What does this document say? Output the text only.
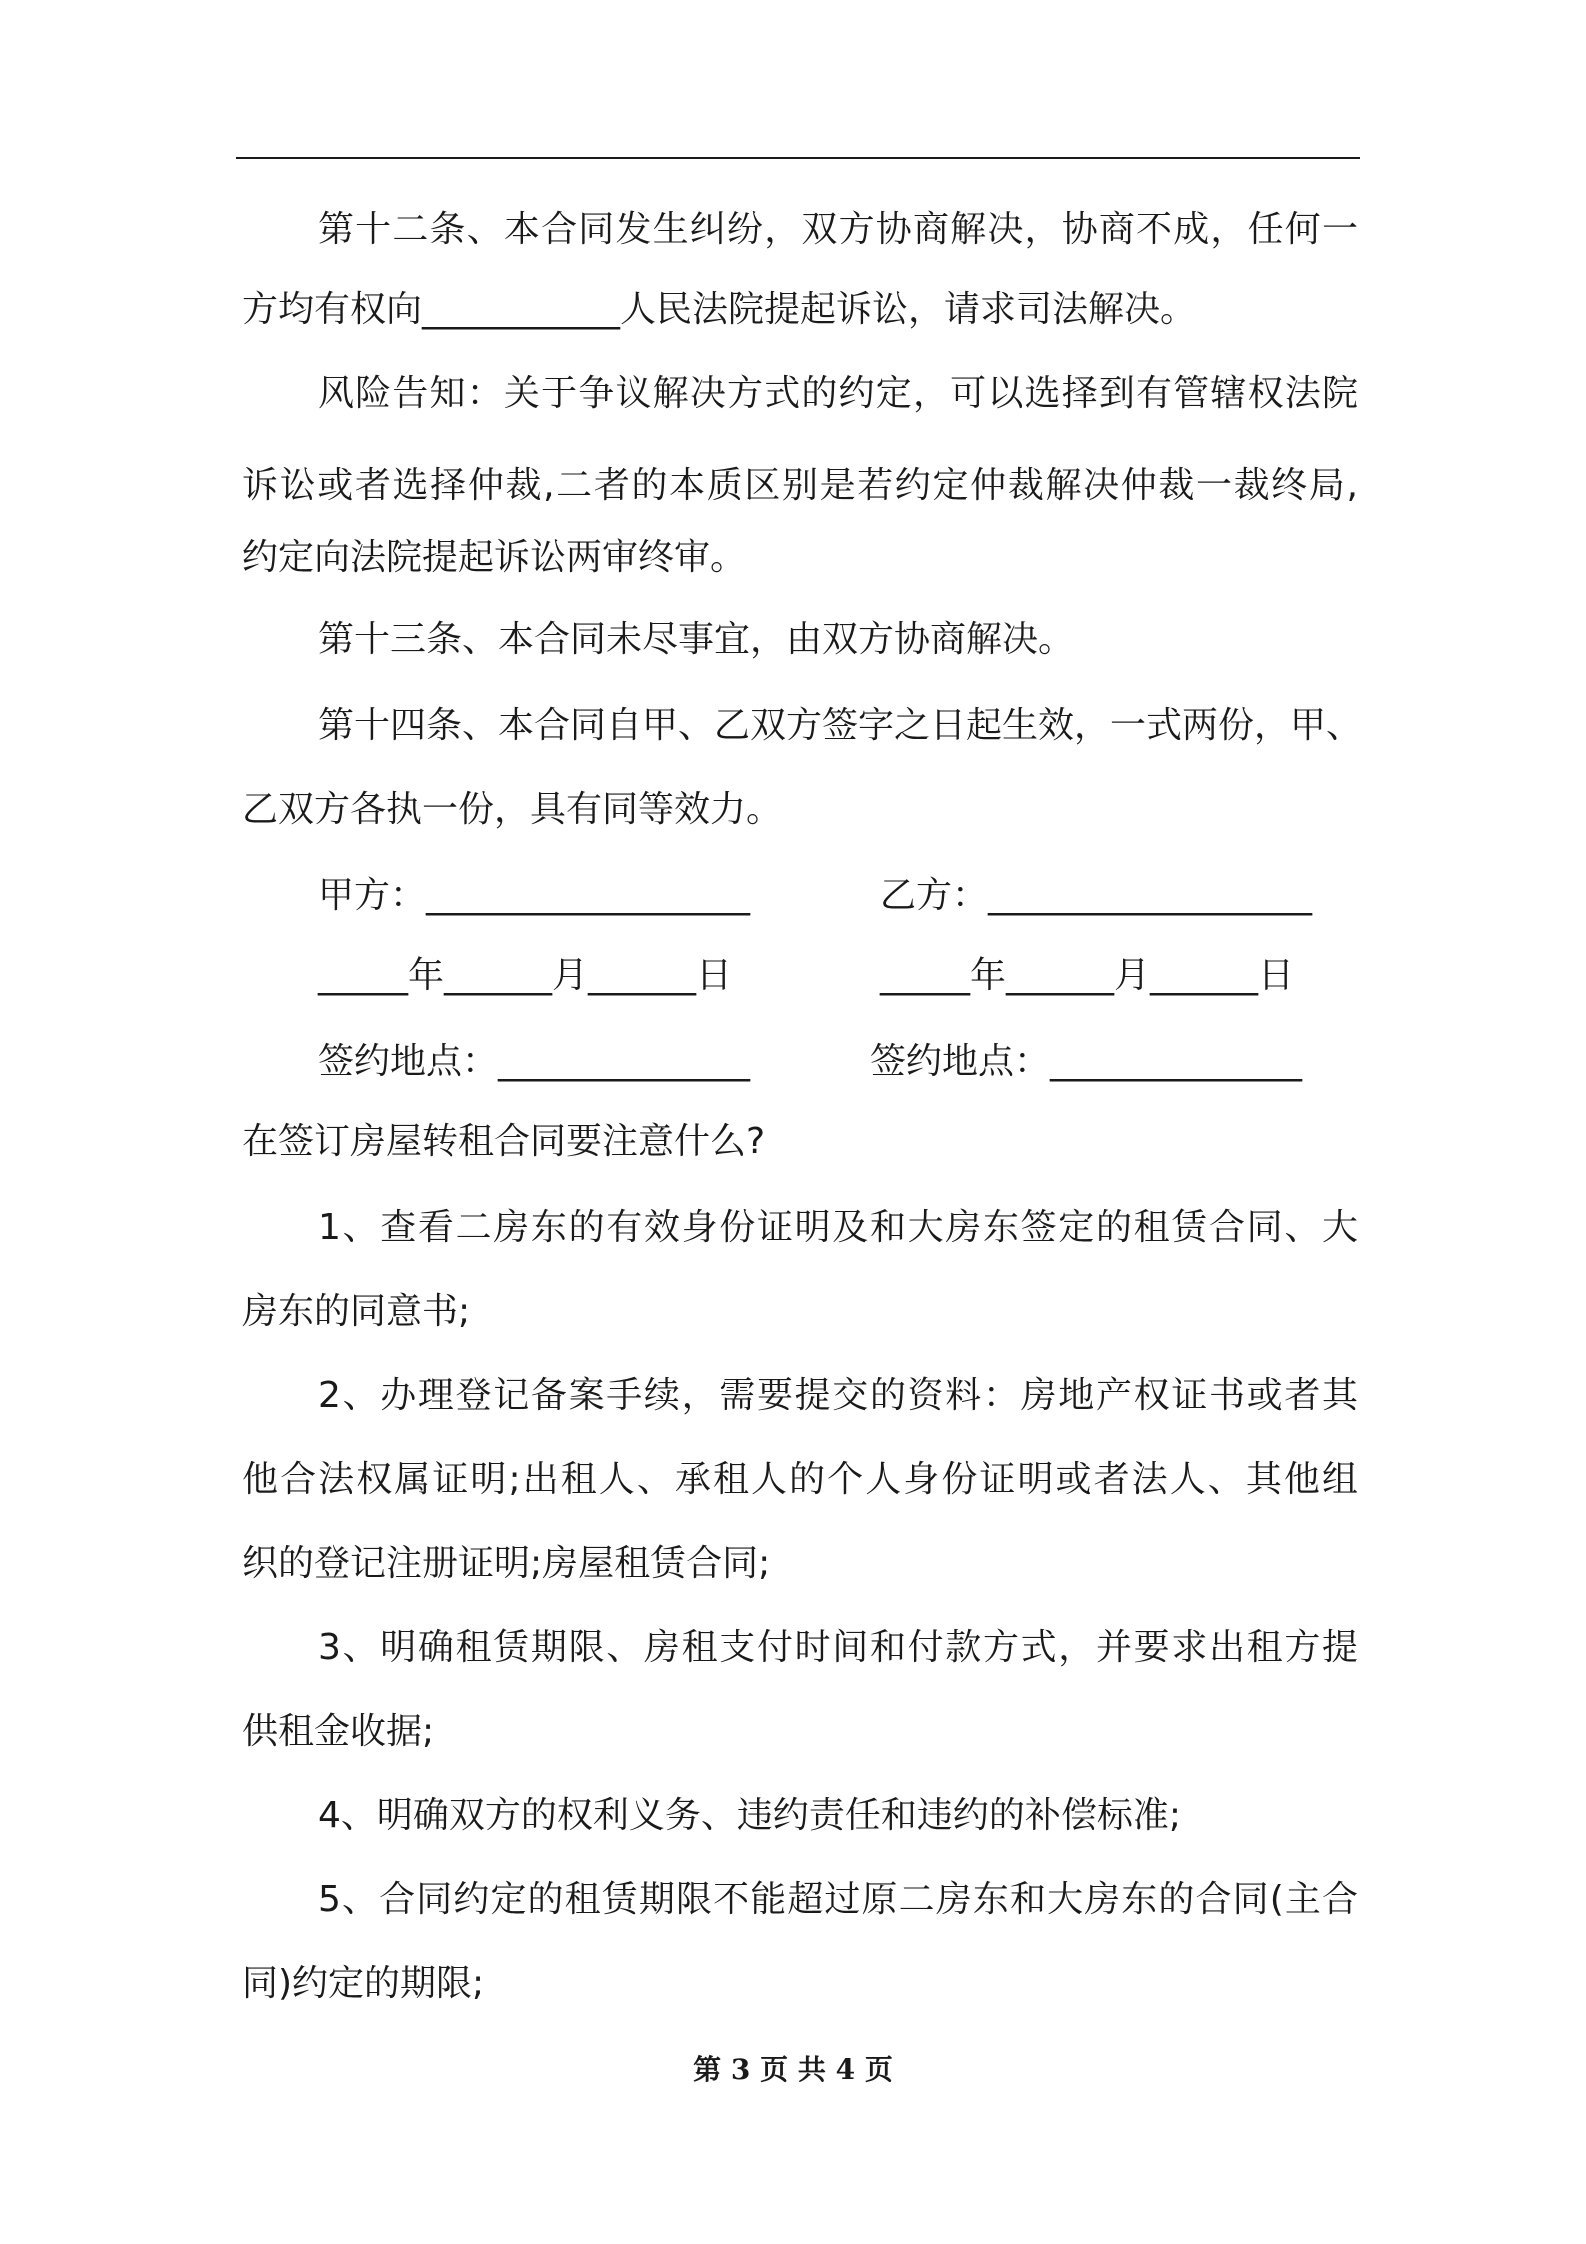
第十二条、本合同发生纠纷，双方协商解决，协商不成，任何一
方均有权向___________人民法院提起诉讼，请求司法解决。
风险告知：关于争议解决方式的约定，可以选择到有管辖权法院
诉讼或者选择仲裁,二者的本质区别是若约定仲裁解决仲裁一裁终局,
约定向法院提起诉讼两审终审。
第十三条、本合同未尽事宜，由双方协商解决。
第十四条、本合同自甲、乙双方签字之日起生效，一式两份，甲、
乙双方各执一份，具有同等效力。
甲方：__________________	乙方：__________________
_____年______月______日	_____年______月______日
签约地点：______________	签约地点：______________
在签订房屋转租合同要注意什么?
1、查看二房东的有效身份证明及和大房东签定的租赁合同、大
房东的同意书;
2、办理登记备案手续，需要提交的资料：房地产权证书或者其
他合法权属证明;出租人、承租人的个人身份证明或者法人、其他组
织的登记注册证明;房屋租赁合同;
3、明确租赁期限、房租支付时间和付款方式，并要求出租方提
供租金收据;
4、明确双方的权利义务、违约责任和违约的补偿标准;
5、合同约定的租赁期限不能超过原二房东和大房东的合同(主合
同)约定的期限;
第 3 页 共 4 页
